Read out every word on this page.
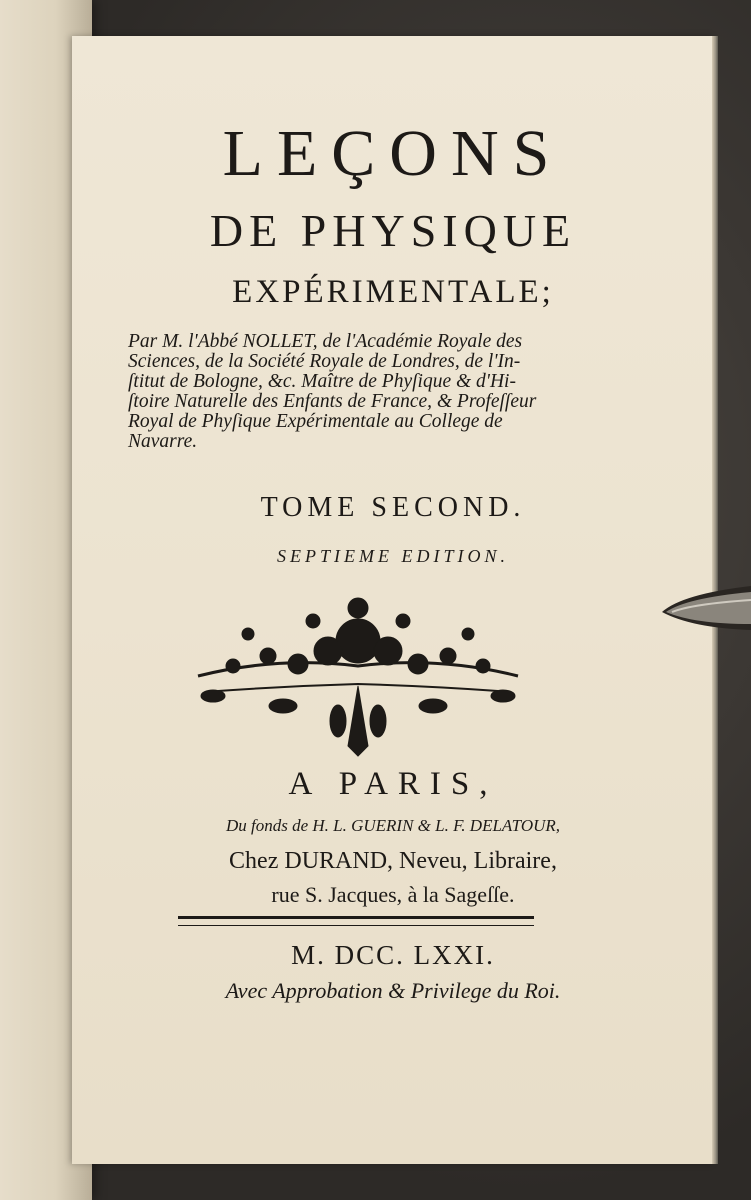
LEÇONS
DE PHYSIQUE
EXPÉRIMENTALE;
Par M. l'Abbé NOLLET, de l'Académie Royale des
Sciences, de la Société Royale de Londres, de l'In-
ſtitut de Bologne, &c. Maître de Phyſique & d'Hi-
ſtoire Naturelle des Enfants de France, & Profeſſeur
Royal de Phyſique Expérimentale au College de
Navarre.
TOME SECOND.
SEPTIEME EDITION.
A PARIS,
Du fonds de H. L. GUERIN & L. F. DELATOUR,
Chez DURAND, Neveu, Libraire,
rue S. Jacques, à la Sageſſe.
M. DCC. LXXI.
Avec Approbation & Privilege du Roi.
